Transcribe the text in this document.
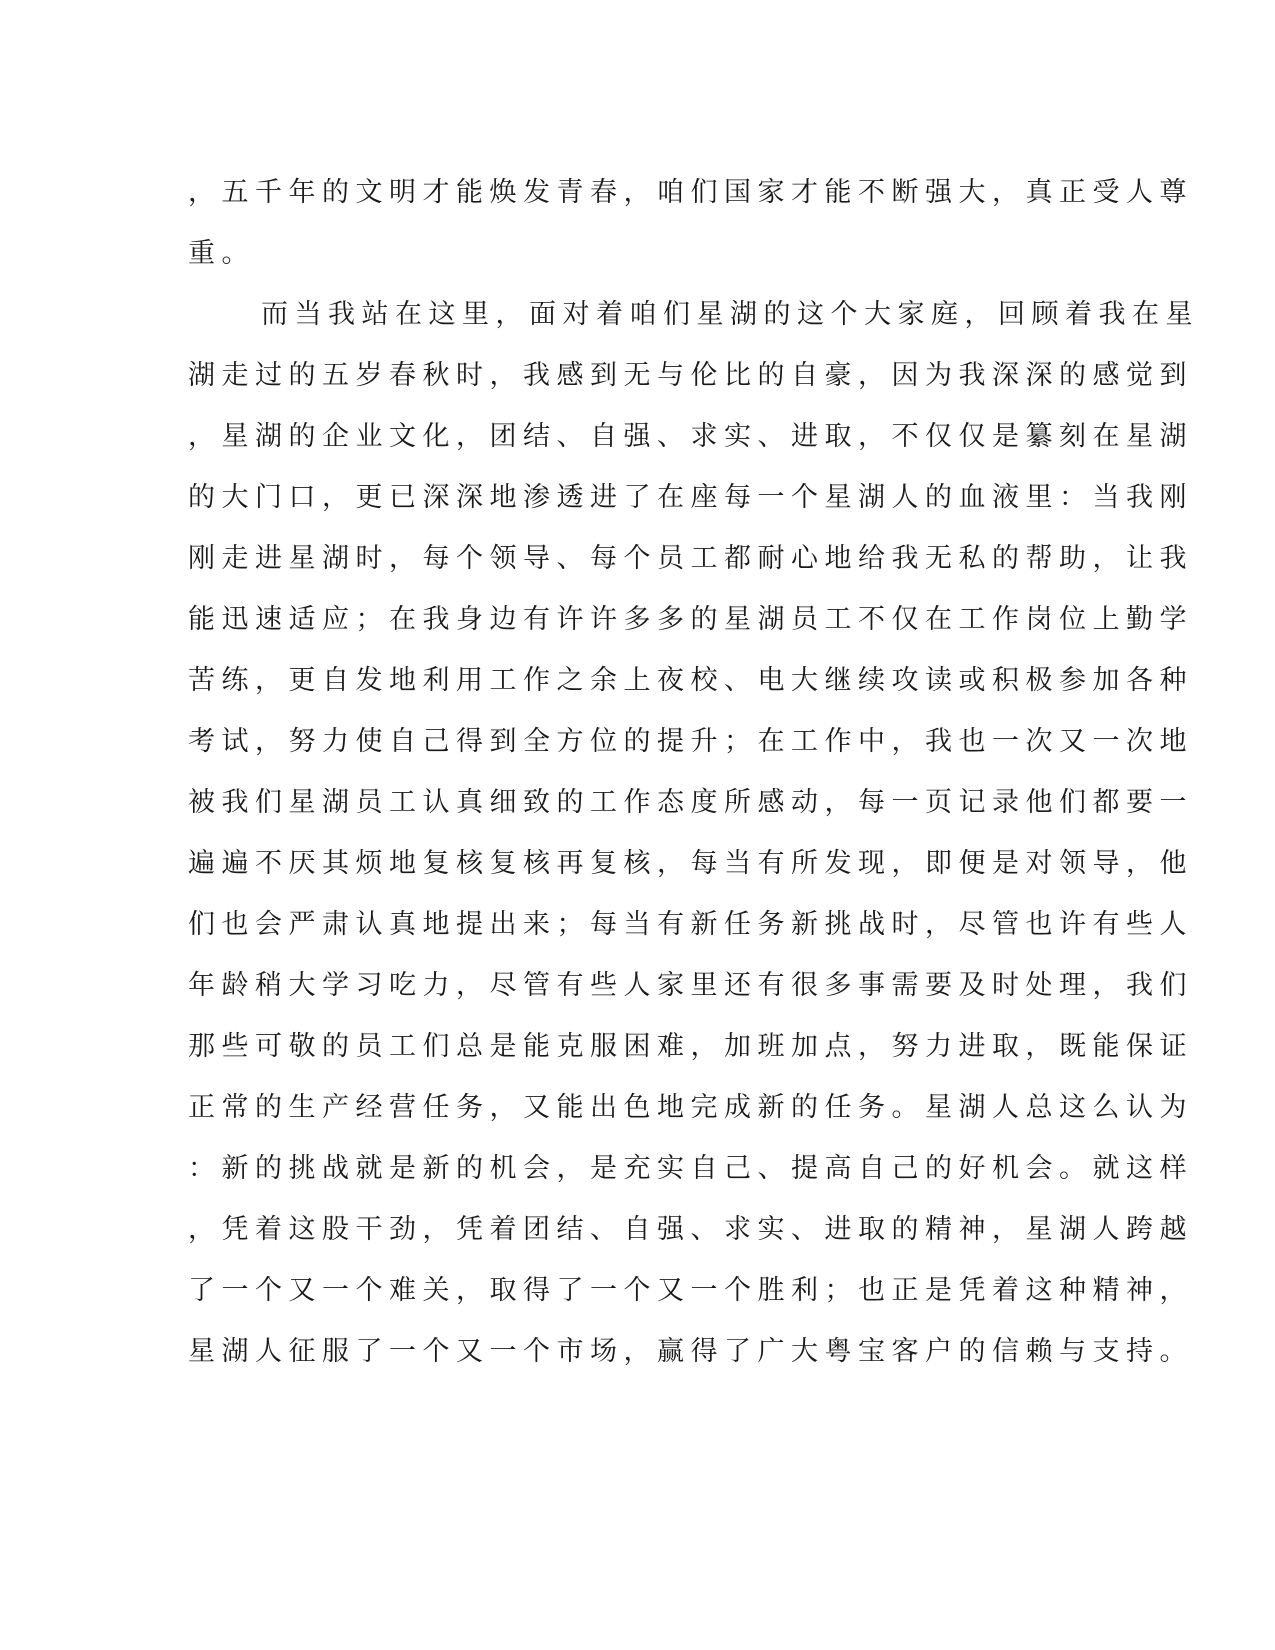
，五千年的文明才能焕发青春，咱们国家才能不断强大，真正受人尊
重。
而当我站在这里，面对着咱们星湖的这个大家庭，回顾着我在星
湖走过的五岁春秋时，我感到无与伦比的自豪，因为我深深的感觉到
，星湖的企业文化，团结、自强、求实、进取，不仅仅是纂刻在星湖
的大门口，更已深深地渗透进了在座每一个星湖人的血液里：当我刚
刚走进星湖时，每个领导、每个员工都耐心地给我无私的帮助，让我
能迅速适应；在我身边有许许多多的星湖员工不仅在工作岗位上勤学
苦练，更自发地利用工作之余上夜校、电大继续攻读或积极参加各种
考试，努力使自己得到全方位的提升；在工作中，我也一次又一次地
被我们星湖员工认真细致的工作态度所感动，每一页记录他们都要一
遍遍不厌其烦地复核复核再复核，每当有所发现，即便是对领导，他
们也会严肃认真地提出来；每当有新任务新挑战时，尽管也许有些人
年龄稍大学习吃力，尽管有些人家里还有很多事需要及时处理，我们
那些可敬的员工们总是能克服困难，加班加点，努力进取，既能保证
正常的生产经营任务，又能出色地完成新的任务。星湖人总这么认为
：新的挑战就是新的机会，是充实自己、提高自己的好机会。就这样
，凭着这股干劲，凭着团结、自强、求实、进取的精神，星湖人跨越
了一个又一个难关，取得了一个又一个胜利；也正是凭着这种精神，
星湖人征服了一个又一个市场，赢得了广大粤宝客户的信赖与支持。
